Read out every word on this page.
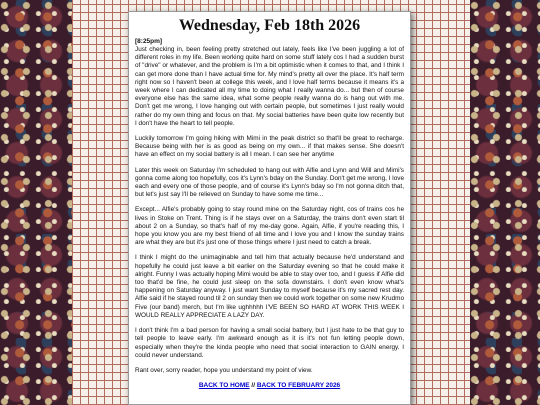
Wednesday, Feb 18th 2026
[8:25pm]

Just checking in, been feeling pretty stretched out lately, feels like I've been juggling a lot of different roles in my life. Been working quite hard on some stuff lately cos I had a sudden burst of "drive" or whatever, and the problem is I'm a bit optimistic when it comes to that, and I think I can get more done than I have actual time for. My mind's pretty all over the place. It's half term right now so I haven't been at college this week, and I love half terms because it means it's a week where I can dedicated all my time to doing what I really wanna do... but then of course everyone else has the same idea, what some people really wanna do is hang out with me. Don't get me wrong, I love hanging out with certain people, but sometimes I just really would rather do my own thing and focus on that. My social batteries have been quite low recently but I don't have the heart to tell people.

Luckily tomorrow I'm going hiking with Mimi in the peak district so that'll be great to recharge. Because being with her is as good as being on my own... if that makes sense. She doesn't have an effect on my social battery is all I mean. I can see her anytime

Later this week on Saturday I'm scheduled to hang out with Alfie and Lynn and Will and Mimi's gonna come along too hopefully, cos it's Lynn's bday on the Sunday. Don't get me wrong, I love each and every one of those people, and of course it's Lynn's bday so I'm not gonna ditch that, but let's just say I'll be relieved on Sunday to have some me time...

Except... Alfie's probably going to stay round mine on the Saturday night, cos of trains cos he lives in Stoke on Trent. Thing is if he stays over on a Saturday, the trains don't even start til about 2 on a Sunday, so that's half of my me-day gone. Again, Alfie, if you're reading this, I hope you know you are my best friend of all time and I love you and I know the sunday trains are what they are but it's just one of those things where I just need to catch a break.

I think I might do the unimaginable and tell him that actually because he'd understand and hopefully he could just leave a bit earlier on the Saturday evening so that he could make it alright. Funny I was actually hoping Mimi would be able to stay over too, and I guess if Alfie did too that'd be fine, he could just sleep on the sofa downstairs. I don't even know what's happening on Saturday anyway. I just want Sunday to myself because it's my sacred rest day. Alfie said if he stayed round til 2 on sunday then we could work together on some new Krudmo Five (our band) merch, but I'm like ughhhhh I'VE BEEN SO HARD AT WORK THIS WEEK I WOULD REALLY APPRECIATE A LAZY DAY.

I don't think I'm a bad person for having a small social battery, but I just hate to be that guy to tell people to leave early. I'm awkward enough as it is it's not fun letting people down, especially when they're the kinda people who need that social interaction to GAIN energy. I could never understand.

Rant over, sorry reader, hope you understand my point of view.

BACK TO HOME // BACK TO FEBRUARY 2026
